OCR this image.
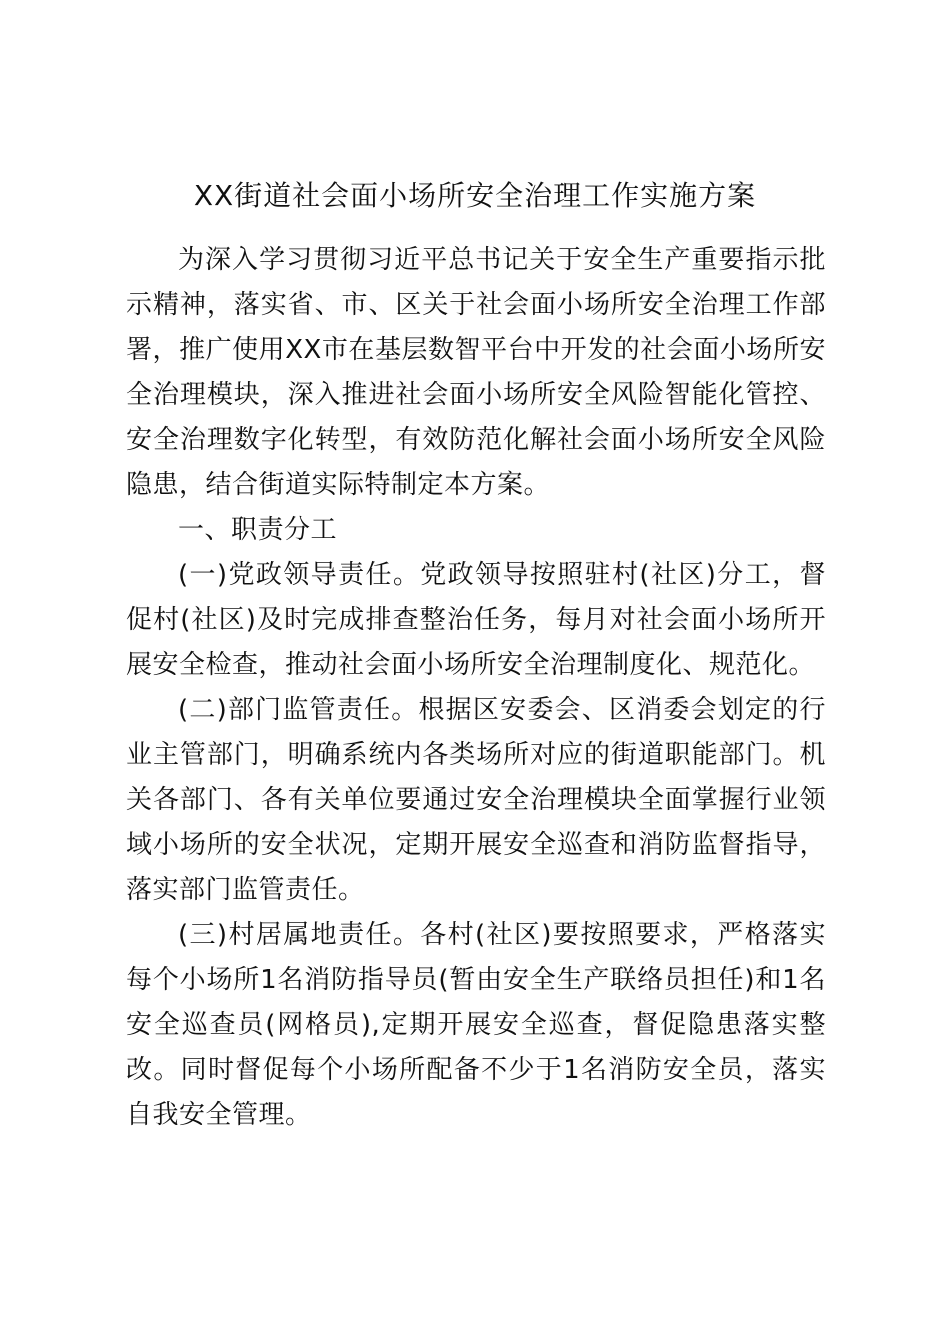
XX街道社会面小场所安全治理工作实施方案

为深入学习贯彻习近平总书记关于安全生产重要指示批示精神，落实省、市、区关于社会面小场所安全治理工作部署，推广使用XX市在基层数智平台中开发的社会面小场所安全治理模块，深入推进社会面小场所安全风险智能化管控、安全治理数字化转型，有效防范化解社会面小场所安全风险隐患，结合街道实际特制定本方案。

一、职责分工

(一)党政领导责任。党政领导按照驻村(社区)分工，督促村(社区)及时完成排查整治任务，每月对社会面小场所开展安全检查，推动社会面小场所安全治理制度化、规范化。

(二)部门监管责任。根据区安委会、区消委会划定的行业主管部门，明确系统内各类场所对应的街道职能部门。机关各部门、各有关单位要通过安全治理模块全面掌握行业领域小场所的安全状况，定期开展安全巡查和消防监督指导，落实部门监管责任。

(三)村居属地责任。各村(社区)要按照要求，严格落实每个小场所1名消防指导员(暂由安全生产联络员担任)和1名安全巡查员(网格员),定期开展安全巡查，督促隐患落实整改。同时督促每个小场所配备不少于1名消防安全员，落实自我安全管理。
